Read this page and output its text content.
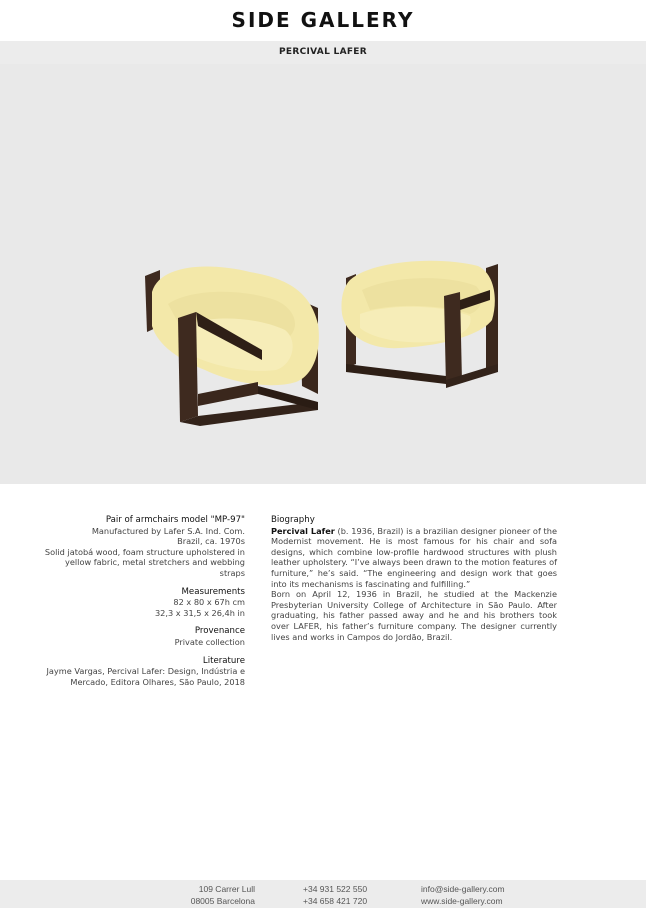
SIDE GALLERY
PERCIVAL LAFER
Pair of armchairs model "MP-97"
Manufactured by Lafer S.A. Ind. Com.
Brazil, ca. 1970s
Solid jatobá wood, foam structure upholstered in
yellow fabric, metal stretchers and webbing straps
Measurements
82 x 80 x 67h cm
32,3 x 31,5 x 26,4h in
Provenance
Private collection
Literature
Jayme Vargas, Percival Lafer: Design, Indústria e
Mercado, Editora Olhares, São Paulo, 2018
Biography
Percival Lafer (b. 1936, Brazil) is a brazilian designer pioneer of the Modernist movement. He is most famous for his chair and sofa designs, which combine low-profile hardwood structures with plush leather upholstery. “I’ve always been drawn to the motion features of furniture,” he’s said. “The engineering and design work that goes into its mechanisms is fascinating and fulfilling.”
Born on April 12, 1936 in Brazil, he studied at the Mackenzie Presbyterian University College of Architecture in São Paulo. After graduating, his father passed away and he and his brothers took over LAFER, his father’s furniture company. The designer currently lives and works in Campos do Jordão, Brazil.
109 Carrer Lull
08005 Barcelona
+34 931 522 550
+34 658 421 720
info@side-gallery.com
www.side-gallery.com
